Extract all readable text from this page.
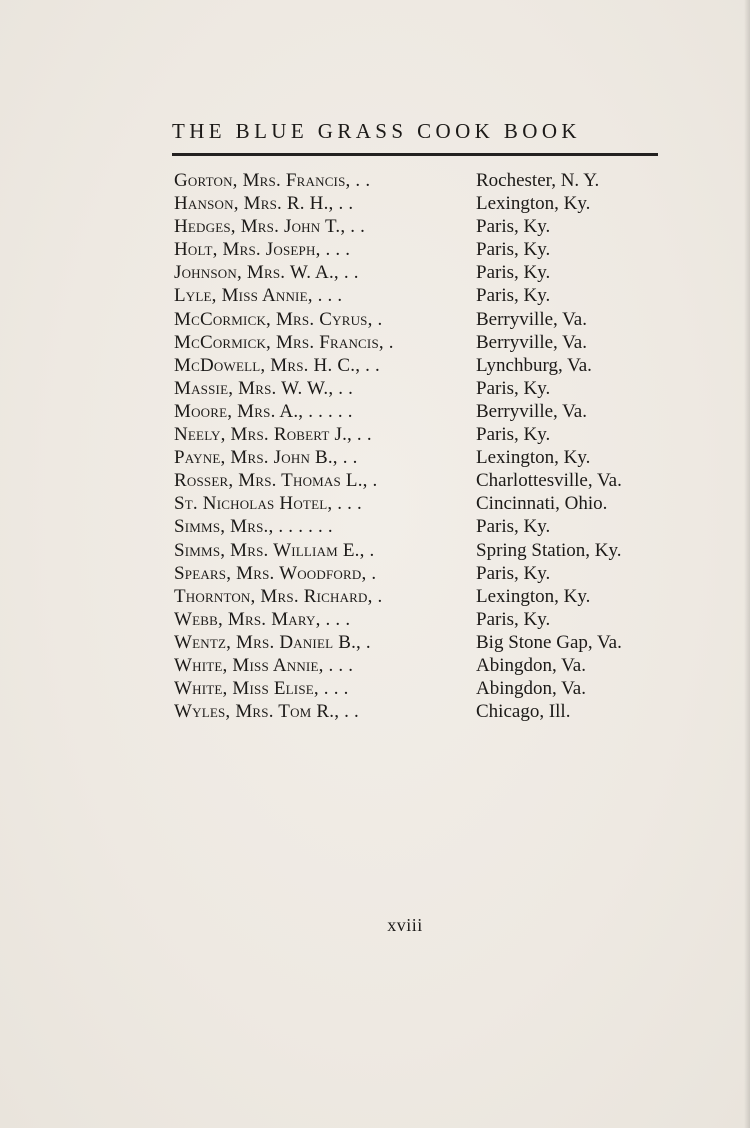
THE BLUE GRASS COOK BOOK
Gorton, Mrs. Francis, . .	Rochester, N. Y.
Hanson, Mrs. R. H., . .	Lexington, Ky.
Hedges, Mrs. John T., . .	Paris, Ky.
Holt, Mrs. Joseph, . . .	Paris, Ky.
Johnson, Mrs. W. A., . .	Paris, Ky.
Lyle, Miss Annie, . . .	Paris, Ky.
McCormick, Mrs. Cyrus, .	Berryville, Va.
McCormick, Mrs. Francis, .	Berryville, Va.
McDowell, Mrs. H. C., . .	Lynchburg, Va.
Massie, Mrs. W. W., . .	Paris, Ky.
Moore, Mrs. A., . . . . .	Berryville, Va.
Neely, Mrs. Robert J., . .	Paris, Ky.
Payne, Mrs. John B., . .	Lexington, Ky.
Rosser, Mrs. Thomas L., .	Charlottesville, Va.
St. Nicholas Hotel, . . .	Cincinnati, Ohio.
Simms, Mrs., . . . . . .	Paris, Ky.
Simms, Mrs. William E., .	Spring Station, Ky.
Spears, Mrs. Woodford, .	Paris, Ky.
Thornton, Mrs. Richard, .	Lexington, Ky.
Webb, Mrs. Mary, . . .	Paris, Ky.
Wentz, Mrs. Daniel B., .	Big Stone Gap, Va.
White, Miss Annie, . . .	Abingdon, Va.
White, Miss Elise, . . .	Abingdon, Va.
Wyles, Mrs. Tom R., . .	Chicago, Ill.
xviii
